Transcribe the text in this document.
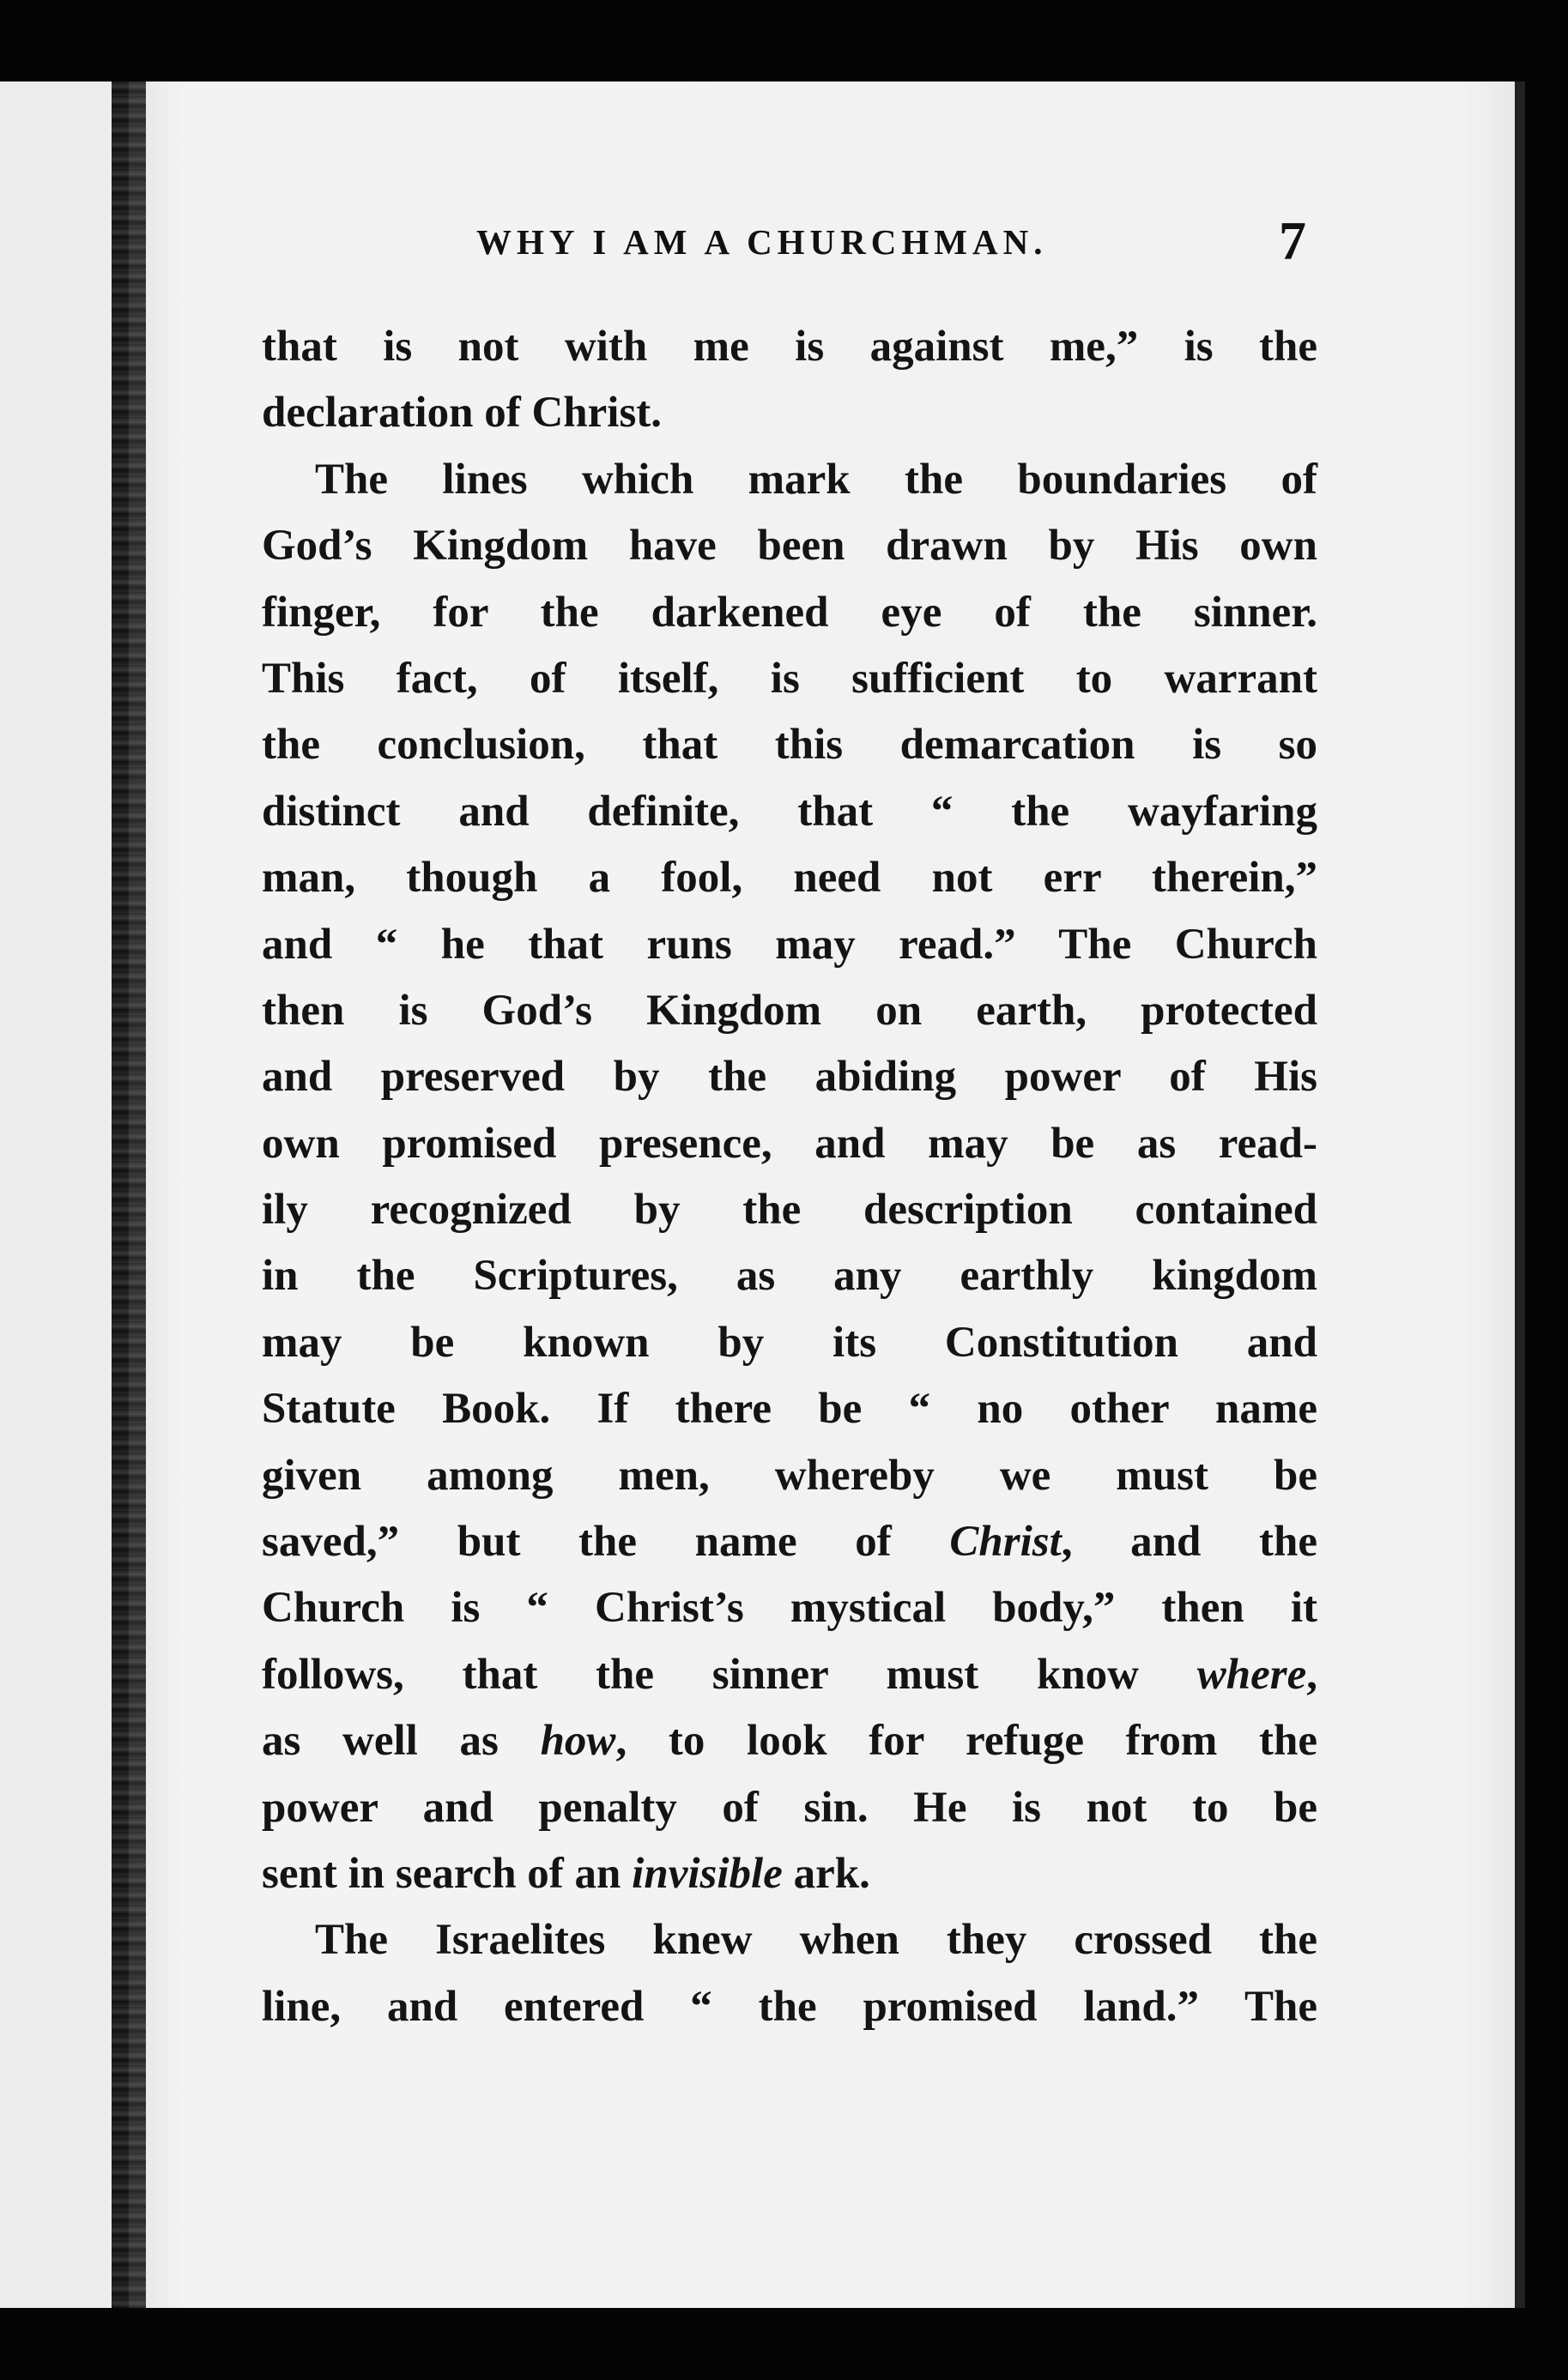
WHY I AM A CHURCHMAN.	7
that is not with me is against me,” is the
declaration of Christ.
The lines which mark the boundaries of
God’s Kingdom have been drawn by His own
finger, for the darkened eye of the sinner.
This fact, of itself, is sufficient to warrant
the conclusion, that this demarcation is so
distinct and definite, that “ the wayfaring
man, though a fool, need not err therein,”
and “ he that runs may read.” The Church
then is God’s Kingdom on earth, protected
and preserved by the abiding power of His
own promised presence, and may be as read-
ily recognized by the description contained
in the Scriptures, as any earthly kingdom
may be known by its Constitution and
Statute Book. If there be “ no other name
given among men, whereby we must be
saved,” but the name of Christ, and the
Church is “ Christ’s mystical body,” then it
follows, that the sinner must know where,
as well as how, to look for refuge from the
power and penalty of sin. He is not to be
sent in search of an invisible ark.
The Israelites knew when they crossed the
line, and entered “ the promised land.” The
